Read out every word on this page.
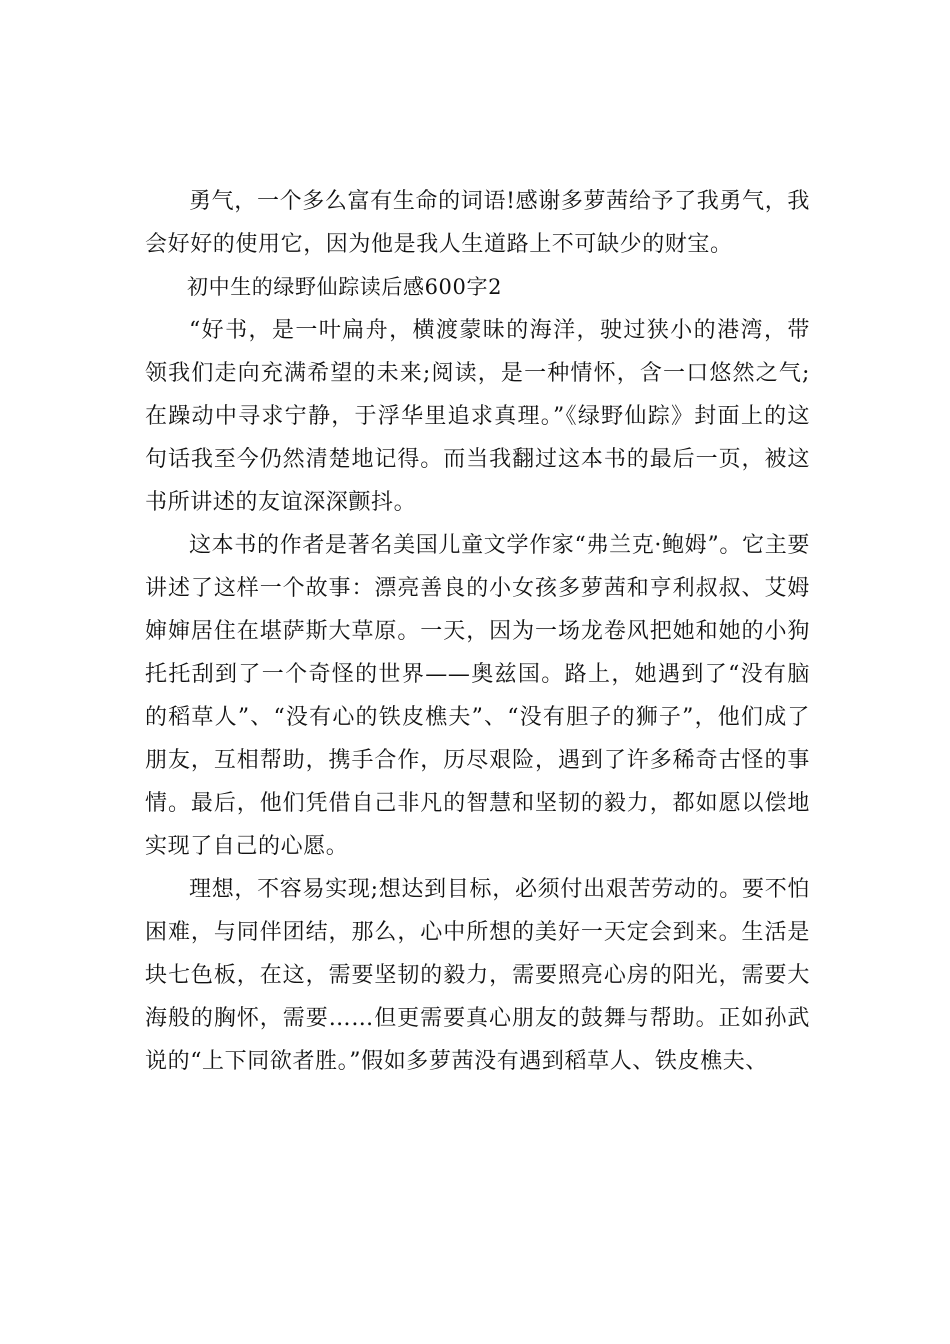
勇气，一个多么富有生命的词语!感谢多萝茜给予了我勇气，我会好好的使用它，因为他是我人生道路上不可缺少的财宝。

初中生的绿野仙踪读后感600字2

“好书，是一叶扁舟，横渡蒙昧的海洋，驶过狭小的港湾，带领我们走向充满希望的未来;阅读，是一种情怀，含一口悠然之气;在躁动中寻求宁静，于浮华里追求真理。”《绿野仙踪》封面上的这句话我至今仍然清楚地记得。而当我翻过这本书的最后一页，被这书所讲述的友谊深深颤抖。

这本书的作者是著名美国儿童文学作家“弗兰克·鲍姆”。它主要讲述了这样一个故事：漂亮善良的小女孩多萝茜和亨利叔叔、艾姆婶婶居住在堪萨斯大草原。一天，因为一场龙卷风把她和她的小狗托托刮到了一个奇怪的世界——奥兹国。路上，她遇到了“没有脑的稻草人”、“没有心的铁皮樵夫”、“没有胆子的狮子”，他们成了朋友，互相帮助，携手合作，历尽艰险，遇到了许多稀奇古怪的事情。最后，他们凭借自己非凡的智慧和坚韧的毅力，都如愿以偿地实现了自己的心愿。

理想，不容易实现;想达到目标，必须付出艰苦劳动的。要不怕困难，与同伴团结，那么，心中所想的美好一天定会到来。生活是块七色板，在这，需要坚韧的毅力，需要照亮心房的阳光，需要大海般的胸怀，需要……但更需要真心朋友的鼓舞与帮助。正如孙武说的“上下同欲者胜。”假如多萝茜没有遇到稻草人、铁皮樵夫、
